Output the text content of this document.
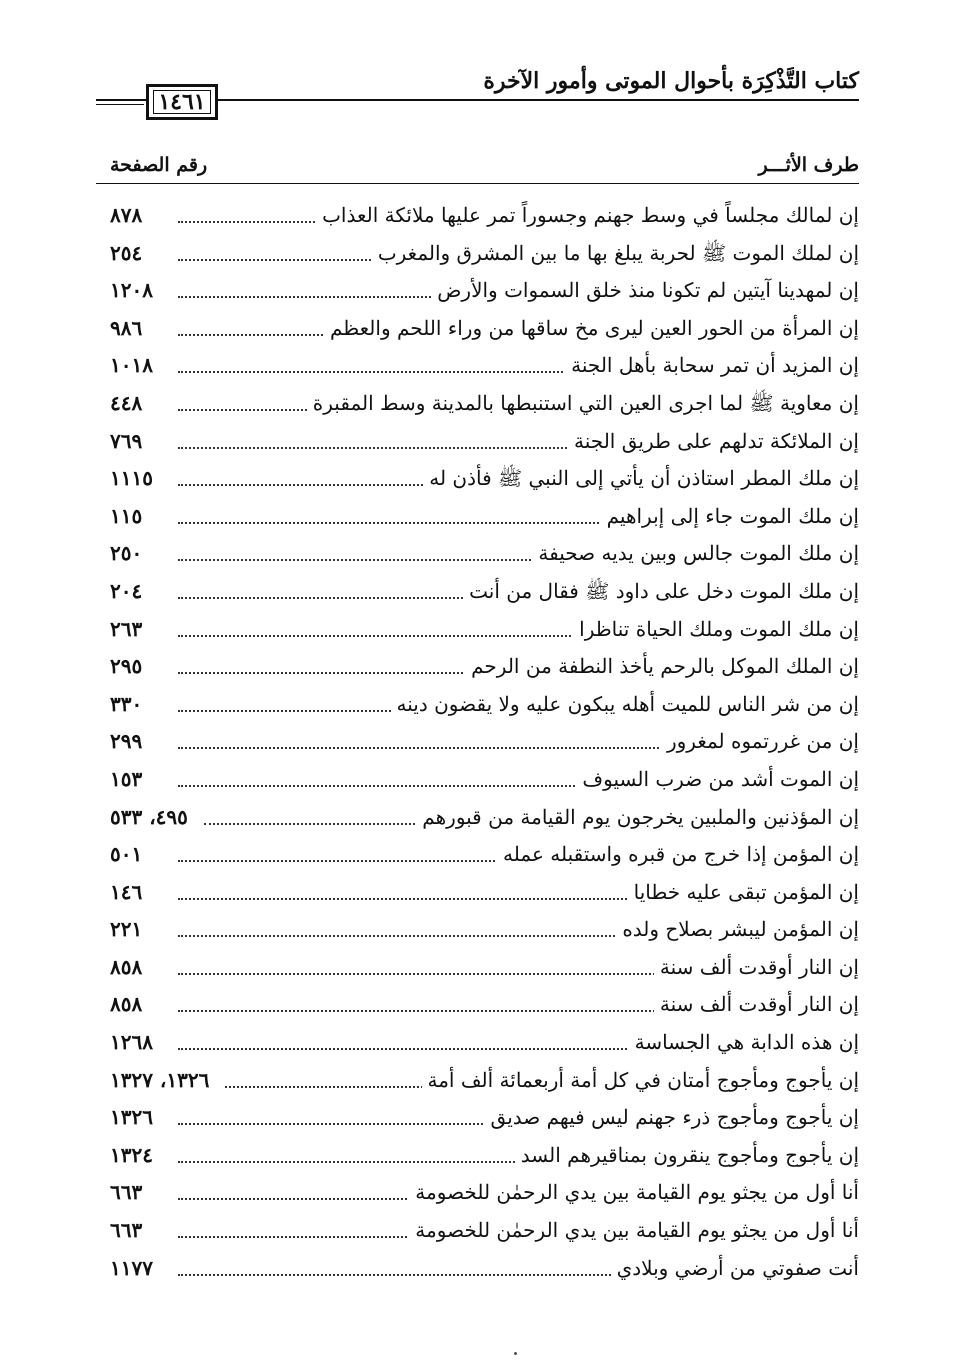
كتاب التَّذْكِرَة بأحوال الموتى وأمور الآخرة
١٤٦١
طرف الأثـــر
رقم الصفحة
إن لمالك مجلساً في وسط جهنم وجسوراً تمر عليها ملائكة العذاب
٨٧٨
إن لملك الموت ﷺ لحربة يبلغ بها ما بين المشرق والمغرب
٢٥٤
إن لمهدينا آيتين لم تكونا منذ خلق السموات والأرض
١٢٠٨
إن المرأة من الحور العين ليرى مخ ساقها من وراء اللحم والعظم
٩٨٦
إن المزيد أن تمر سحابة بأهل الجنة
١٠١٨
إن معاوية ﷺ لما اجرى العين التي استنبطها بالمدينة وسط المقبرة
٤٤٨
إن الملائكة تدلهم على طريق الجنة
٧٦٩
إن ملك المطر استاذن أن يأتي إلى النبي ﷺ فأذن له
١١١٥
إن ملك الموت جاء إلى إبراهيم
١١٥
إن ملك الموت جالس وبين يديه صحيفة
٢٥٠
إن ملك الموت دخل على داود ﷺ فقال من أنت
٢٠٤
إن ملك الموت وملك الحياة تناظرا
٢٦٣
إن الملك الموكل بالرحم يأخذ النطفة من الرحم
٢٩٥
إن من شر الناس للميت أهله يبكون عليه ولا يقضون دينه
٣٣٠
إن من غررتموه لمغرور
٢٩٩
إن الموت أشد من ضرب السيوف
١٥٣
إن المؤذنين والملبين يخرجون يوم القيامة من قبورهم
٤٩٥، ٥٣٣
إن المؤمن إذا خرج من قبره واستقبله عمله
٥٠١
إن المؤمن تبقى عليه خطايا
١٤٦
إن المؤمن ليبشر بصلاح ولده
٢٢١
إن النار أوقدت ألف سنة
٨٥٨
إن النار أوقدت ألف سنة
٨٥٨
إن هذه الدابة هي الجساسة
١٢٦٨
إن يأجوج ومأجوج أمتان في كل أمة أربعمائة ألف أمة
١٣٢٦، ١٣٢٧
إن يأجوج ومأجوج ذرء جهنم ليس فيهم صديق
١٣٢٦
إن يأجوج ومأجوج ينقرون بمناقيرهم السد
١٣٢٤
أنا أول من يجثو يوم القيامة بين يدي الرحمٰن للخصومة
٦٦٣
أنا أول من يجثو يوم القيامة بين يدي الرحمٰن للخصومة
٦٦٣
أنت صفوتي من أرضي وبلادي
١١٧٧
